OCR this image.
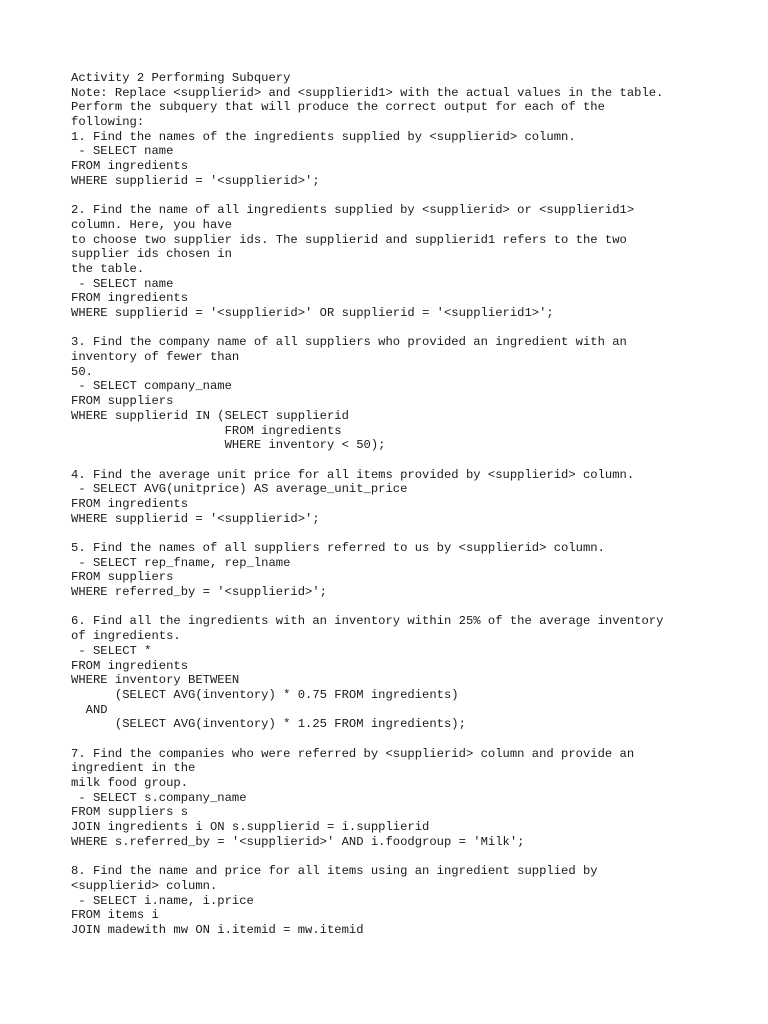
Activity 2 Performing Subquery
Note: Replace <supplierid> and <supplierid1> with the actual values in the table.
Perform the subquery that will produce the correct output for each of the
following:
1. Find the names of the ingredients supplied by <supplierid> column.
- SELECT name
FROM ingredients
WHERE supplierid = '<supplierid>';
2. Find the name of all ingredients supplied by <supplierid> or <supplierid1>
column. Here, you have
to choose two supplier ids. The supplierid and supplierid1 refers to the two
supplier ids chosen in
the table.
- SELECT name
FROM ingredients
WHERE supplierid = '<supplierid>' OR supplierid = '<supplierid1>';
3. Find the company name of all suppliers who provided an ingredient with an
inventory of fewer than
50.
- SELECT company_name
FROM suppliers
WHERE supplierid IN (SELECT supplierid
FROM ingredients
WHERE inventory < 50);
4. Find the average unit price for all items provided by <supplierid> column.
- SELECT AVG(unitprice) AS average_unit_price
FROM ingredients
WHERE supplierid = '<supplierid>';
5. Find the names of all suppliers referred to us by <supplierid> column.
- SELECT rep_fname, rep_lname
FROM suppliers
WHERE referred_by = '<supplierid>';
6. Find all the ingredients with an inventory within 25% of the average inventory
of ingredients.
- SELECT *
FROM ingredients
WHERE inventory BETWEEN
(SELECT AVG(inventory) * 0.75 FROM ingredients)
AND
(SELECT AVG(inventory) * 1.25 FROM ingredients);
7. Find the companies who were referred by <supplierid> column and provide an
ingredient in the
milk food group.
- SELECT s.company_name
FROM suppliers s
JOIN ingredients i ON s.supplierid = i.supplierid
WHERE s.referred_by = '<supplierid>' AND i.foodgroup = 'Milk';
8. Find the name and price for all items using an ingredient supplied by
<supplierid> column.
- SELECT i.name, i.price
FROM items i
JOIN madewith mw ON i.itemid = mw.itemid
